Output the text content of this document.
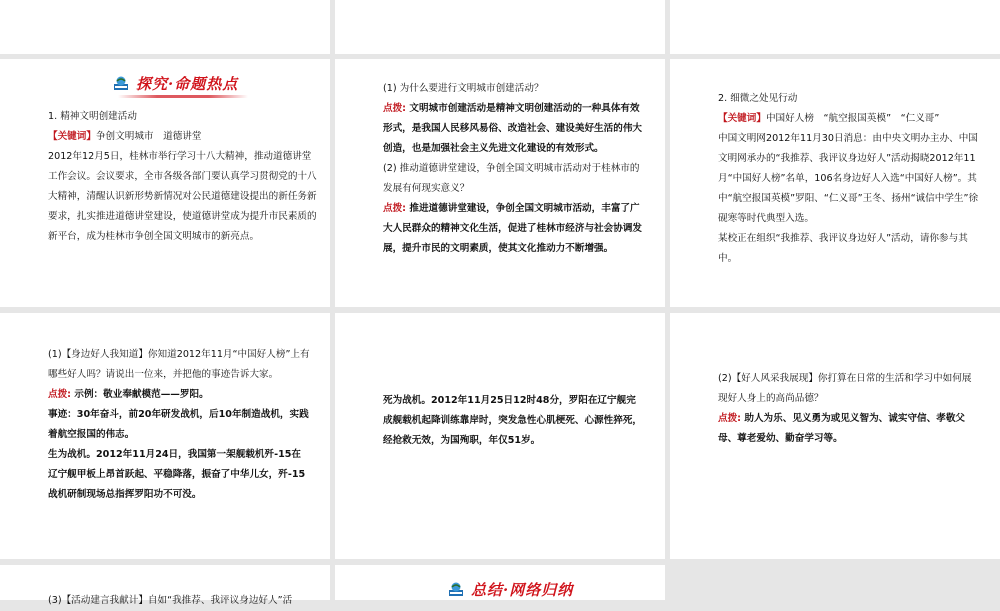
探究·命题热点

1. 精神文明创建活动

【关键词】争创文明城市　道德讲堂

2012年12月5日，桂林市举行学习十八大精神，推动道德讲堂工作会议。会议要求，全市各级各部门要认真学习贯彻党的十八大精神，清醒认识新形势新情况对公民道德建设提出的新任务新要求，扎实推进道德讲堂建设，使道德讲堂成为提升市民素质的新平台，成为桂林市争创全国文明城市的新亮点。

(1) 为什么要进行文明城市创建活动？

点拨: 文明城市创建活动是精神文明创建活动的一种具体有效形式，是我国人民移风易俗、改造社会、建设美好生活的伟大创造，也是加强社会主义先进文化建设的有效形式。

(2) 推动道德讲堂建设，争创全国文明城市活动对于桂林市的发展有何现实意义？

点拨: 推进道德讲堂建设，争创全国文明城市活动，丰富了广大人民群众的精神文化生活，促进了桂林市经济与社会协调发展，提升市民的文明素质，使其文化推动力不断增强。

2. 细微之处见行动

【关键词】中国好人榜　“航空报国英模”　“仁义哥”

中国文明网2012年11月30日消息：由中央文明办主办、中国文明网承办的“我推荐、我评议身边好人”活动揭晓2012年11月“中国好人榜”名单，106名身边好人入选“中国好人榜”。其中“航空报国英模”罗阳、“仁义哥”王冬、扬州“诚信中学生”徐砚寒等时代典型入选。

某校正在组织“我推荐、我评议身边好人”活动，请你参与其中。

(1)【身边好人我知道】你知道2012年11月“中国好人榜”上有哪些好人吗？请说出一位来，并把他的事迹告诉大家。

点拨: 示例：敬业奉献模范——罗阳。

事迹：30年奋斗，前20年研发战机，后10年制造战机，实践着航空报国的伟志。

生为战机。2012年11月24日，我国第一架舰载机歼-15在辽宁舰甲板上昂首跃起、平稳降落，振奋了中华儿女，歼-15战机研制现场总指挥罗阳功不可没。

死为战机。2012年11月25日12时48分，罗阳在辽宁舰完成舰载机起降训练靠岸时，突发急性心肌梗死、心源性猝死，经抢救无效，为国殉职，年仅51岁。

(2)【好人风采我展现】你打算在日常的生活和学习中如何展现好人身上的高尚品德？

点拨: 助人为乐、见义勇为或见义智为、诚实守信、孝敬父母、尊老爱幼、勤奋学习等。

(3)【活动建言我献计】自如“我推荐、我评议身边好人”活
总结·网络归纳
